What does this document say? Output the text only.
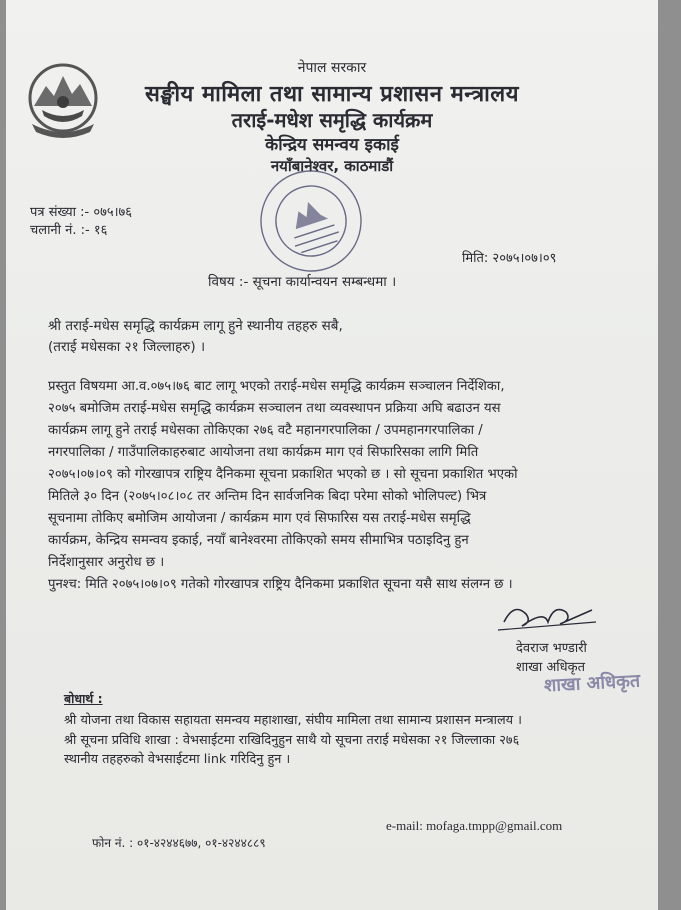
नेपाल सरकार
सङ्घीय मामिला तथा सामान्य प्रशासन मन्त्रालय
तराई-मधेश समृद्धि कार्यक्रम
केन्द्रिय समन्वय इकाई
नयाँबानेश्वर, काठमाडौं
पत्र संख्या :- ०७५।७६
चलानी नं. :- १६
मिति: २०७५।०७।०९
विषय :- सूचना कार्यान्वयन सम्बन्धमा ।
श्री तराई-मधेस समृद्धि कार्यक्रम लागू हुने स्थानीय तहहरु सबै,
(तराई मधेसका २१ जिल्लाहरु) ।
प्रस्तुत विषयमा आ.व.०७५।७६ बाट लागू भएको तराई-मधेस समृद्धि कार्यक्रम सञ्चालन निर्देशिका,
२०७५ बमोजिम तराई-मधेस समृद्धि कार्यक्रम सञ्चालन तथा व्यवस्थापन प्रक्रिया अघि बढाउन यस
कार्यक्रम लागू हुने तराई मधेसका तोकिएका २७६ वटै महानगरपालिका / उपमहानगरपालिका /
नगरपालिका / गाउँपालिकाहरुबाट आयोजना तथा कार्यक्रम माग एवं सिफारिसका लागि मिति
२०७५।०७।०९ को गोरखापत्र राष्ट्रिय दैनिकमा सूचना प्रकाशित भएको छ । सो सूचना प्रकाशित भएको
मितिले ३० दिन (२०७५।०८।०८ तर अन्तिम दिन सार्वजनिक बिदा परेमा सोको भोलिपल्ट) भित्र
सूचनामा तोकिए बमोजिम आयोजना / कार्यक्रम माग एवं सिफारिस यस तराई-मधेस समृद्धि
कार्यक्रम, केन्द्रिय समन्वय इकाई, नयाँ बानेश्वरमा तोकिएको समय सीमाभित्र पठाइदिनु हुन
निर्देशानुसार अनुरोध छ ।
पुनश्च: मिति २०७५।०७।०९ गतेको गोरखापत्र राष्ट्रिय दैनिकमा प्रकाशित सूचना यसै साथ संलग्न छ ।
देवराज भण्डारी
शाखा अधिकृत
शाखा अधिकृत
बोधार्थ :
श्री योजना तथा विकास सहायता समन्वय महाशाखा, संघीय मामिला तथा सामान्य प्रशासन मन्त्रालय ।
श्री सूचना प्रविधि शाखा : वेभसाईटमा राखिदिनुहुन साथै यो सूचना तराई मधेसका २१ जिल्लाका २७६
स्थानीय तहहरुको वेभसाईटमा link गरिदिनु हुन ।
फोन नं. : ०१-४२४४६७७, ०१-४२४४८८९
e-mail: mofaga.tmpp@gmail.com
